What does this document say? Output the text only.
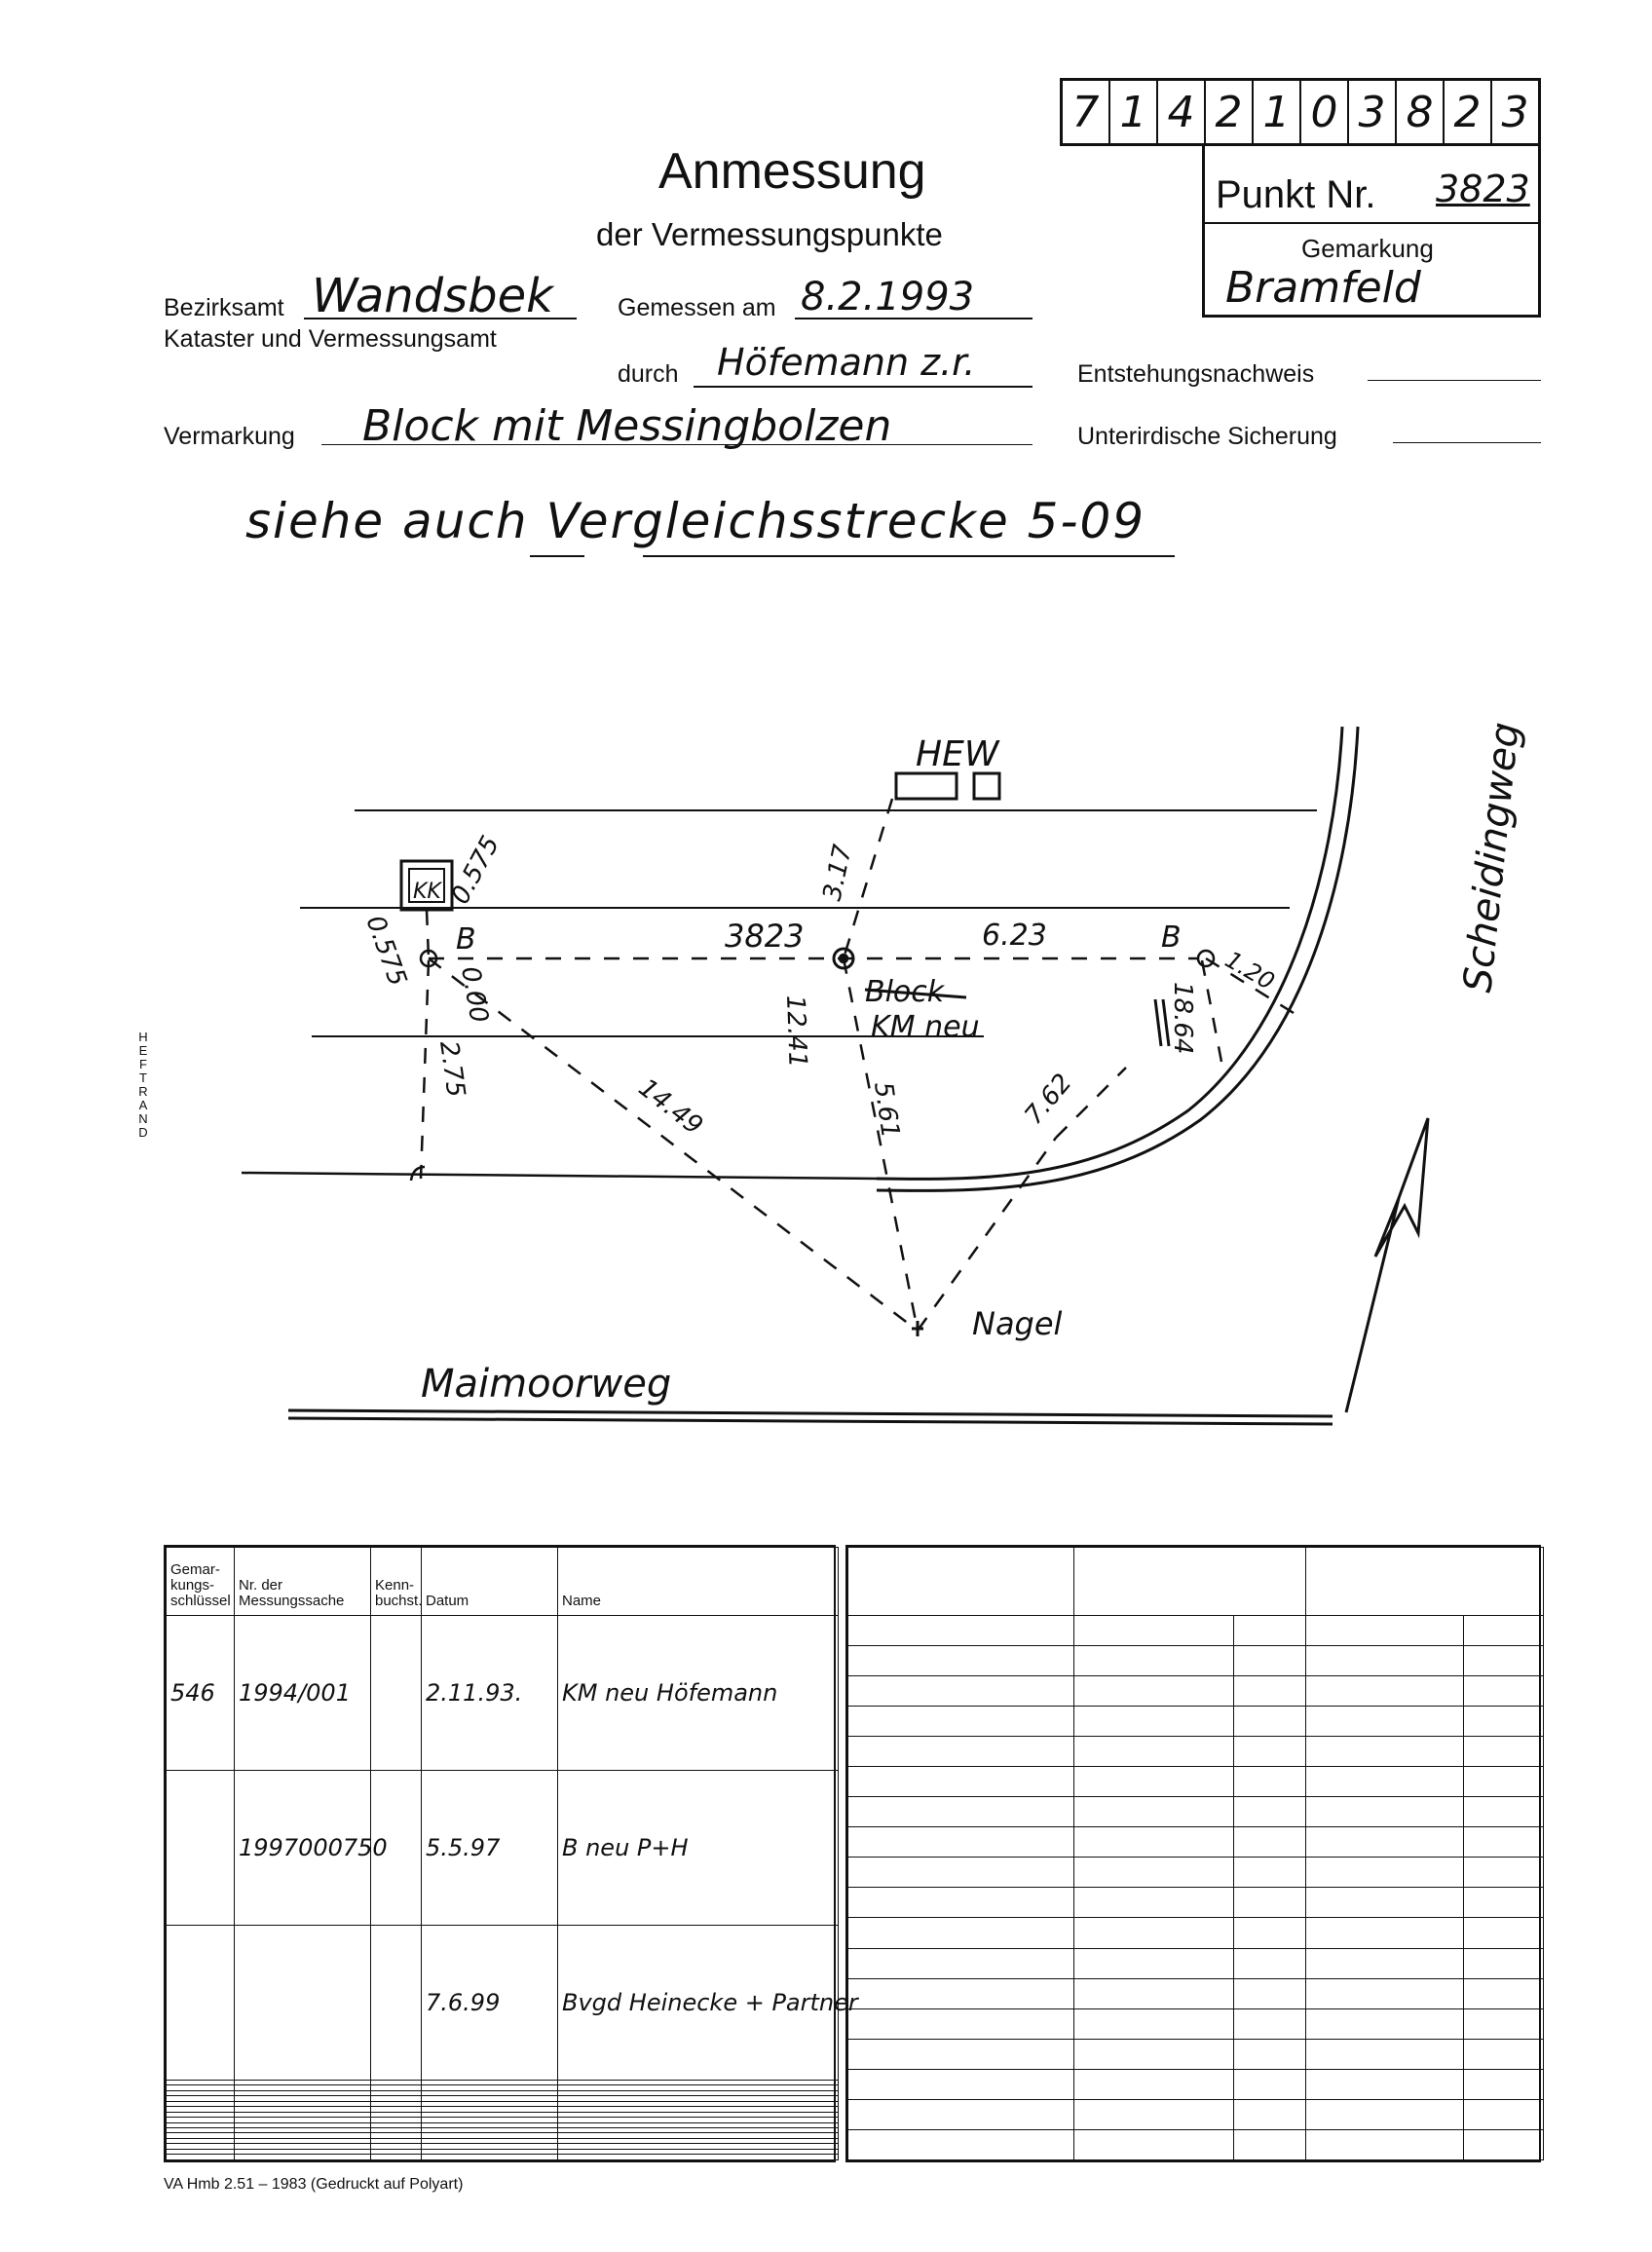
7 1 4 2 1 0 3 8 2 3
Anmessung
der Vermessungspunkte
Punkt Nr. 3823
Gemarkung
Bramfeld
Bezirksamt Wandsbek
Kataster und Vermessungsamt
Gemessen am 8.2.1993
durch Höfemann z.r.	Entstehungsnachweis
Vermarkung Block mit Messingbolzen	Unterirdische Sicherung
siehe auch Vergleichsstrecke 5-09
HEW
KK
3823
B	B
0.575
0.575
0.00
2.75
3.17
6.23
1.20
12.41
14.49	5.61	7.62
18.64
Block
KM neu
Nagel
Maimoorweg
Scheidingweg
HEFTRAND
Gemar-kungs-schlüssel	Nr. der Messungssache	Kenn-buchst.	Datum	Name
546	1994/001		2.11.93.	KM neu Höfemann
	1997000750		5.5.97	B neu P+H
			7.6.99	Bvgd Heinecke + Partner

VA Hmb 2.51 – 1983 (Gedruckt auf Polyart)
